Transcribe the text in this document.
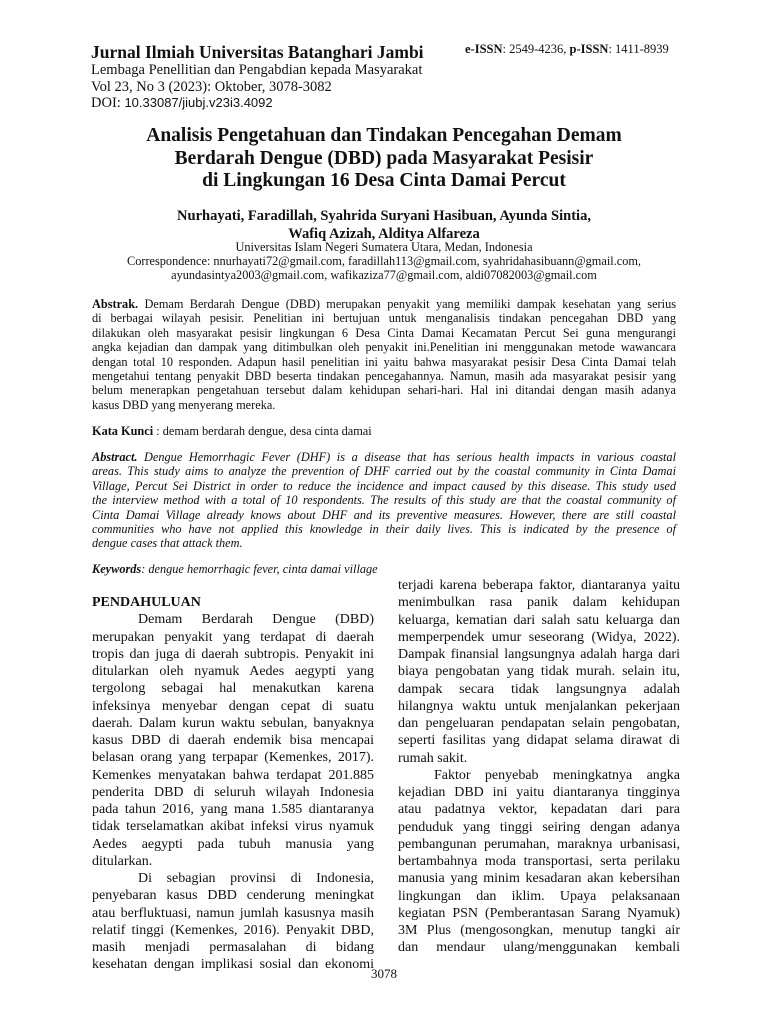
Jurnal Ilmiah Universitas Batanghari Jambi	e-ISSN: 2549-4236, p-ISSN: 1411-8939
Lembaga Penellitian dan Pengabdian kepada Masyarakat
Vol 23, No 3 (2023): Oktober, 3078-3082
DOI: 10.33087/jiubj.v23i3.4092
Analisis Pengetahuan dan Tindakan Pencegahan Demam
Berdarah Dengue (DBD) pada Masyarakat Pesisir
di Lingkungan 16 Desa Cinta Damai Percut
Nurhayati, Faradillah, Syahrida Suryani Hasibuan, Ayunda Sintia,
Wafiq Azizah, Alditya Alfareza
Universitas Islam Negeri Sumatera Utara, Medan, Indonesia
Correspondence: nnurhayati72@gmail.com, faradillah113@gmail.com, syahridahasibuann@gmail.com,
ayundasintya2003@gmail.com, wafikaziza77@gmail.com, aldi07082003@gmail.com
Abstrak. Demam Berdarah Dengue (DBD) merupakan penyakit yang memiliki dampak kesehatan yang serius
di berbagai wilayah pesisir. Penelitian ini bertujuan untuk menganalisis tindakan pencegahan DBD yang
dilakukan oleh masyarakat pesisir lingkungan 6 Desa Cinta Damai Kecamatan Percut Sei guna mengurangi
angka kejadian dan dampak yang ditimbulkan oleh penyakit ini.Penelitian ini menggunakan metode wawancara
dengan total 10 responden. Adapun hasil penelitian ini yaitu bahwa masyarakat pesisir Desa Cinta Damai telah
mengetahui tentang penyakit DBD beserta tindakan pencegahannya. Namun, masih ada masyarakat pesisir yang
belum menerapkan pengetahuan tersebut dalam kehidupan sehari-hari. Hal ini ditandai dengan masih adanya
kasus DBD yang menyerang mereka.
Kata Kunci : demam berdarah dengue, desa cinta damai
Abstract. Dengue Hemorrhagic Fever (DHF) is a disease that has serious health impacts in various coastal
areas. This study aims to analyze the prevention of DHF carried out by the coastal community in Cinta Damai
Village, Percut Sei District in order to reduce the incidence and impact caused by this disease. This study used
the interview method with a total of 10 respondents. The results of this study are that the coastal community of
Cinta Damai Village already knows about DHF and its preventive measures. However, there are still coastal
communities who have not applied this knowledge in their daily lives. This is indicated by the presence of
dengue cases that attack them.
Keywords: dengue hemorrhagic fever, cinta damai village
PENDAHULUAN
Demam Berdarah Dengue (DBD)
merupakan penyakit yang terdapat di daerah
tropis dan juga di daerah subtropis. Penyakit ini
ditularkan oleh nyamuk Aedes aegypti yang
tergolong sebagai hal menakutkan karena
infeksinya menyebar dengan cepat di suatu
daerah. Dalam kurun waktu sebulan, banyaknya
kasus DBD di daerah endemik bisa mencapai
belasan orang yang terpapar (Kemenkes, 2017).
Kemenkes menyatakan bahwa terdapat 201.885
penderita DBD di seluruh wilayah Indonesia
pada tahun 2016, yang mana 1.585 diantaranya
tidak terselamatkan akibat infeksi virus nyamuk
Aedes aegypti pada tubuh manusia yang
ditularkan.
Di sebagian provinsi di Indonesia,
penyebaran kasus DBD cenderung meningkat
atau berfluktuasi, namun jumlah kasusnya masih
relatif tinggi (Kemenkes, 2016). Penyakit DBD,
masih menjadi permasalahan di bidang
kesehatan dengan implikasi sosial dan ekonomi
terjadi karena beberapa faktor, diantaranya yaitu
menimbulkan rasa panik dalam kehidupan
keluarga, kematian dari salah satu keluarga dan
memperpendek umur seseorang (Widya, 2022).
Dampak finansial langsungnya adalah harga dari
biaya pengobatan yang tidak murah. selain itu,
dampak secara tidak langsungnya adalah
hilangnya waktu untuk menjalankan pekerjaan
dan pengeluaran pendapatan selain pengobatan,
seperti fasilitas yang didapat selama dirawat di
rumah sakit.
Faktor penyebab meningkatnya angka
kejadian DBD ini yaitu diantaranya tingginya
atau padatnya vektor, kepadatan dari para
penduduk yang tinggi seiring dengan adanya
pembangunan perumahan, maraknya urbanisasi,
bertambahnya moda transportasi, serta perilaku
manusia yang minim kesadaran akan kebersihan
lingkungan dan iklim. Upaya pelaksanaan
kegiatan PSN (Pemberantasan Sarang Nyamuk)
3M Plus (mengosongkan, menutup tangki air
dan mendaur ulang/menggunakan kembali
3078
